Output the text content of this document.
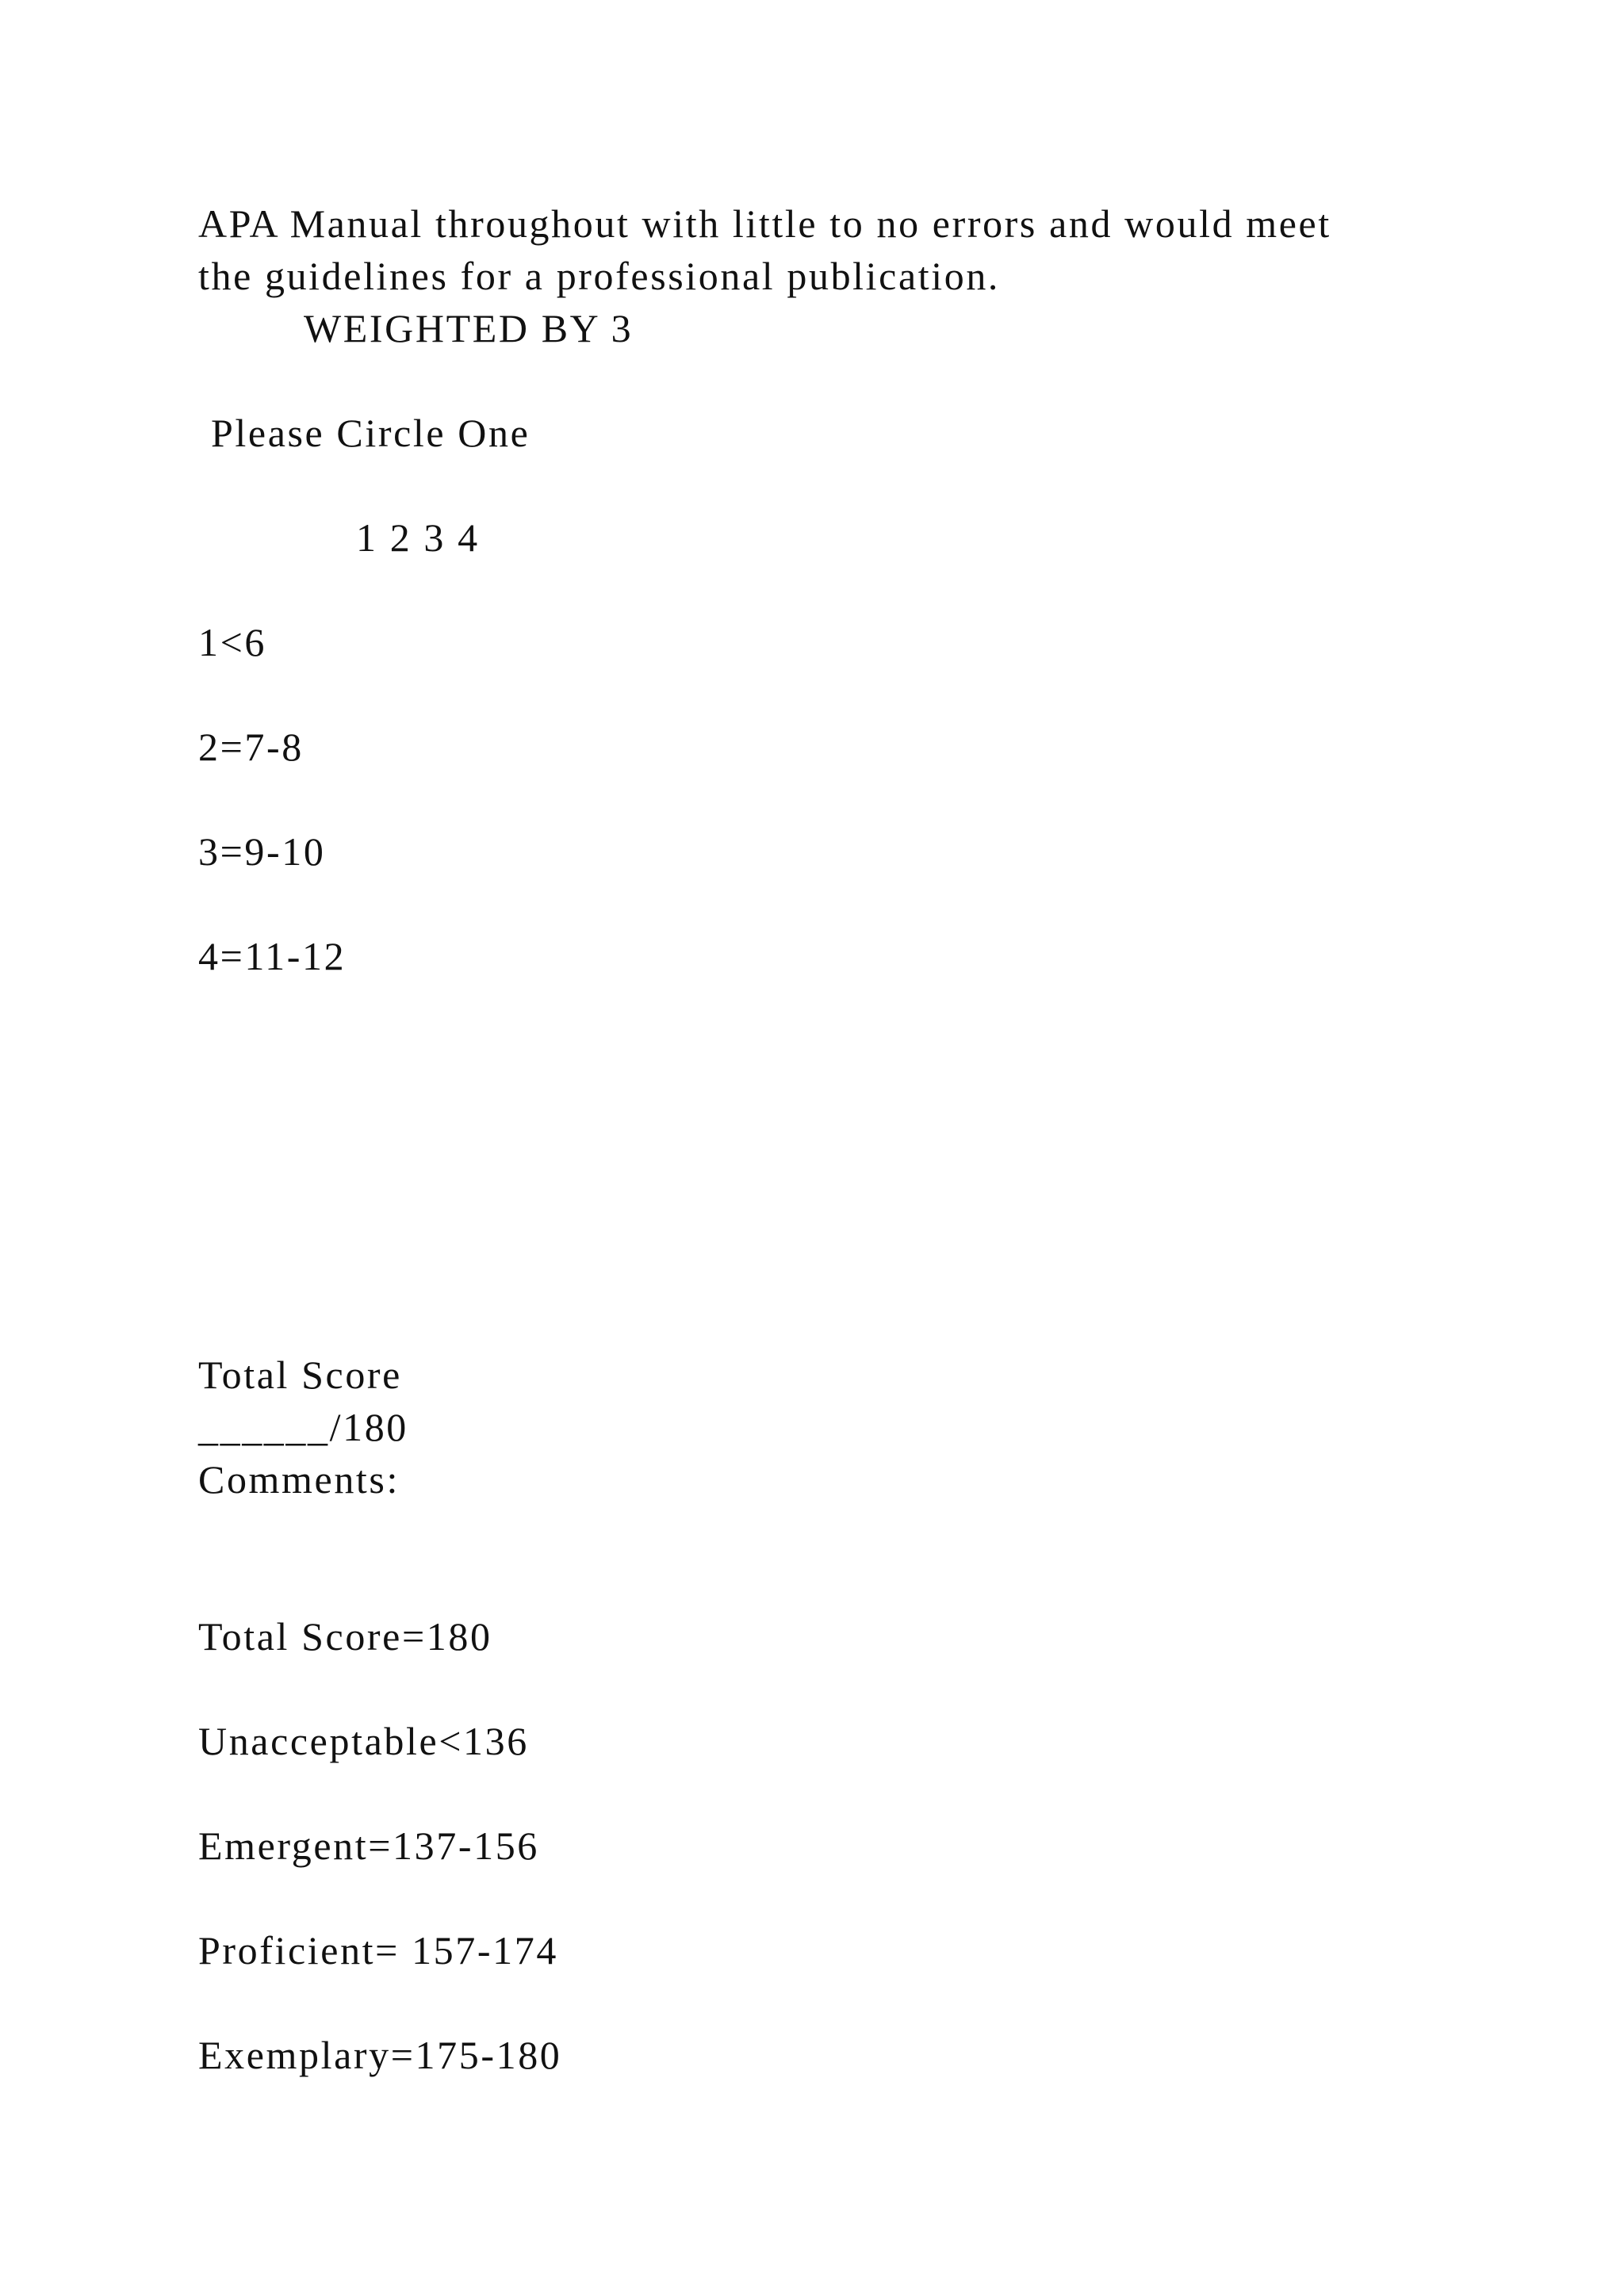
APA Manual throughout with little to no errors and would meet
the guidelines for a professional publication.
WEIGHTED BY 3
Please Circle One
1 2 3 4
1<6
2=7-8
3=9-10
4=11-12
Total Score
______/180
Comments:
Total Score=180
Unacceptable<136
Emergent=137-156
Proficient= 157-174
Exemplary=175-180
